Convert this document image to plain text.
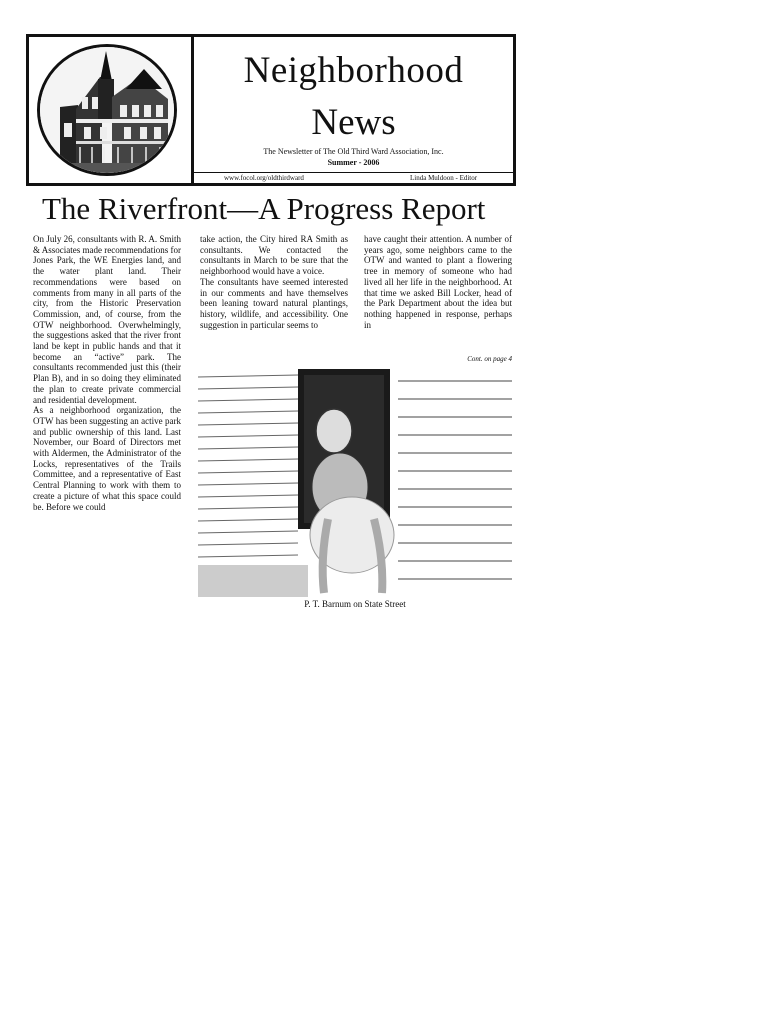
Neighborhood
News
The Newsletter of The Old Third Ward Association, Inc.
Summer - 2006
www.focol.org/oldthirdward	Linda Muldoon - Editor
The Riverfront—A Progress Report

On July 26, consultants with R. A. Smith & Associates made recommendations for Jones Park, the WE Energies land, and the water plant land. Their recommendations were based on comments from many in all parts of the city, from the Historic Preservation Commission, and, of course, from the OTW neighborhood. Overwhelmingly, the suggestions asked that the river front land be kept in public hands and that it become an “active” park. The consultants recommended just this (their Plan B), and in so doing they eliminated the plan to create private commercial and residential development.

As a neighborhood organization, the OTW has been suggesting an active park and public ownership of this land. Last November, our Board of Directors met with Aldermen, the Administrator of the Locks, representatives of the Trails Committee, and a representative of East Central Planning to work with them to create a picture of what this space could be. Before we could

take action, the City hired RA Smith as consultants. We contacted the consultants in March to be sure that the neighborhood would have a voice.

The consultants have seemed interested in our comments and have themselves been leaning toward natural plantings, history, wildlife, and accessibility. One suggestion in particular seems to

have caught their attention. A number of years ago, some neighbors came to the OTW and wanted to plant a flowering tree in memory of someone who had lived all her life in the neighborhood. At that time we asked Bill Locker, head of the Park Department about the idea but nothing happened in response, perhaps in

Cont. on page 4
P. T. Barnum on State Street
